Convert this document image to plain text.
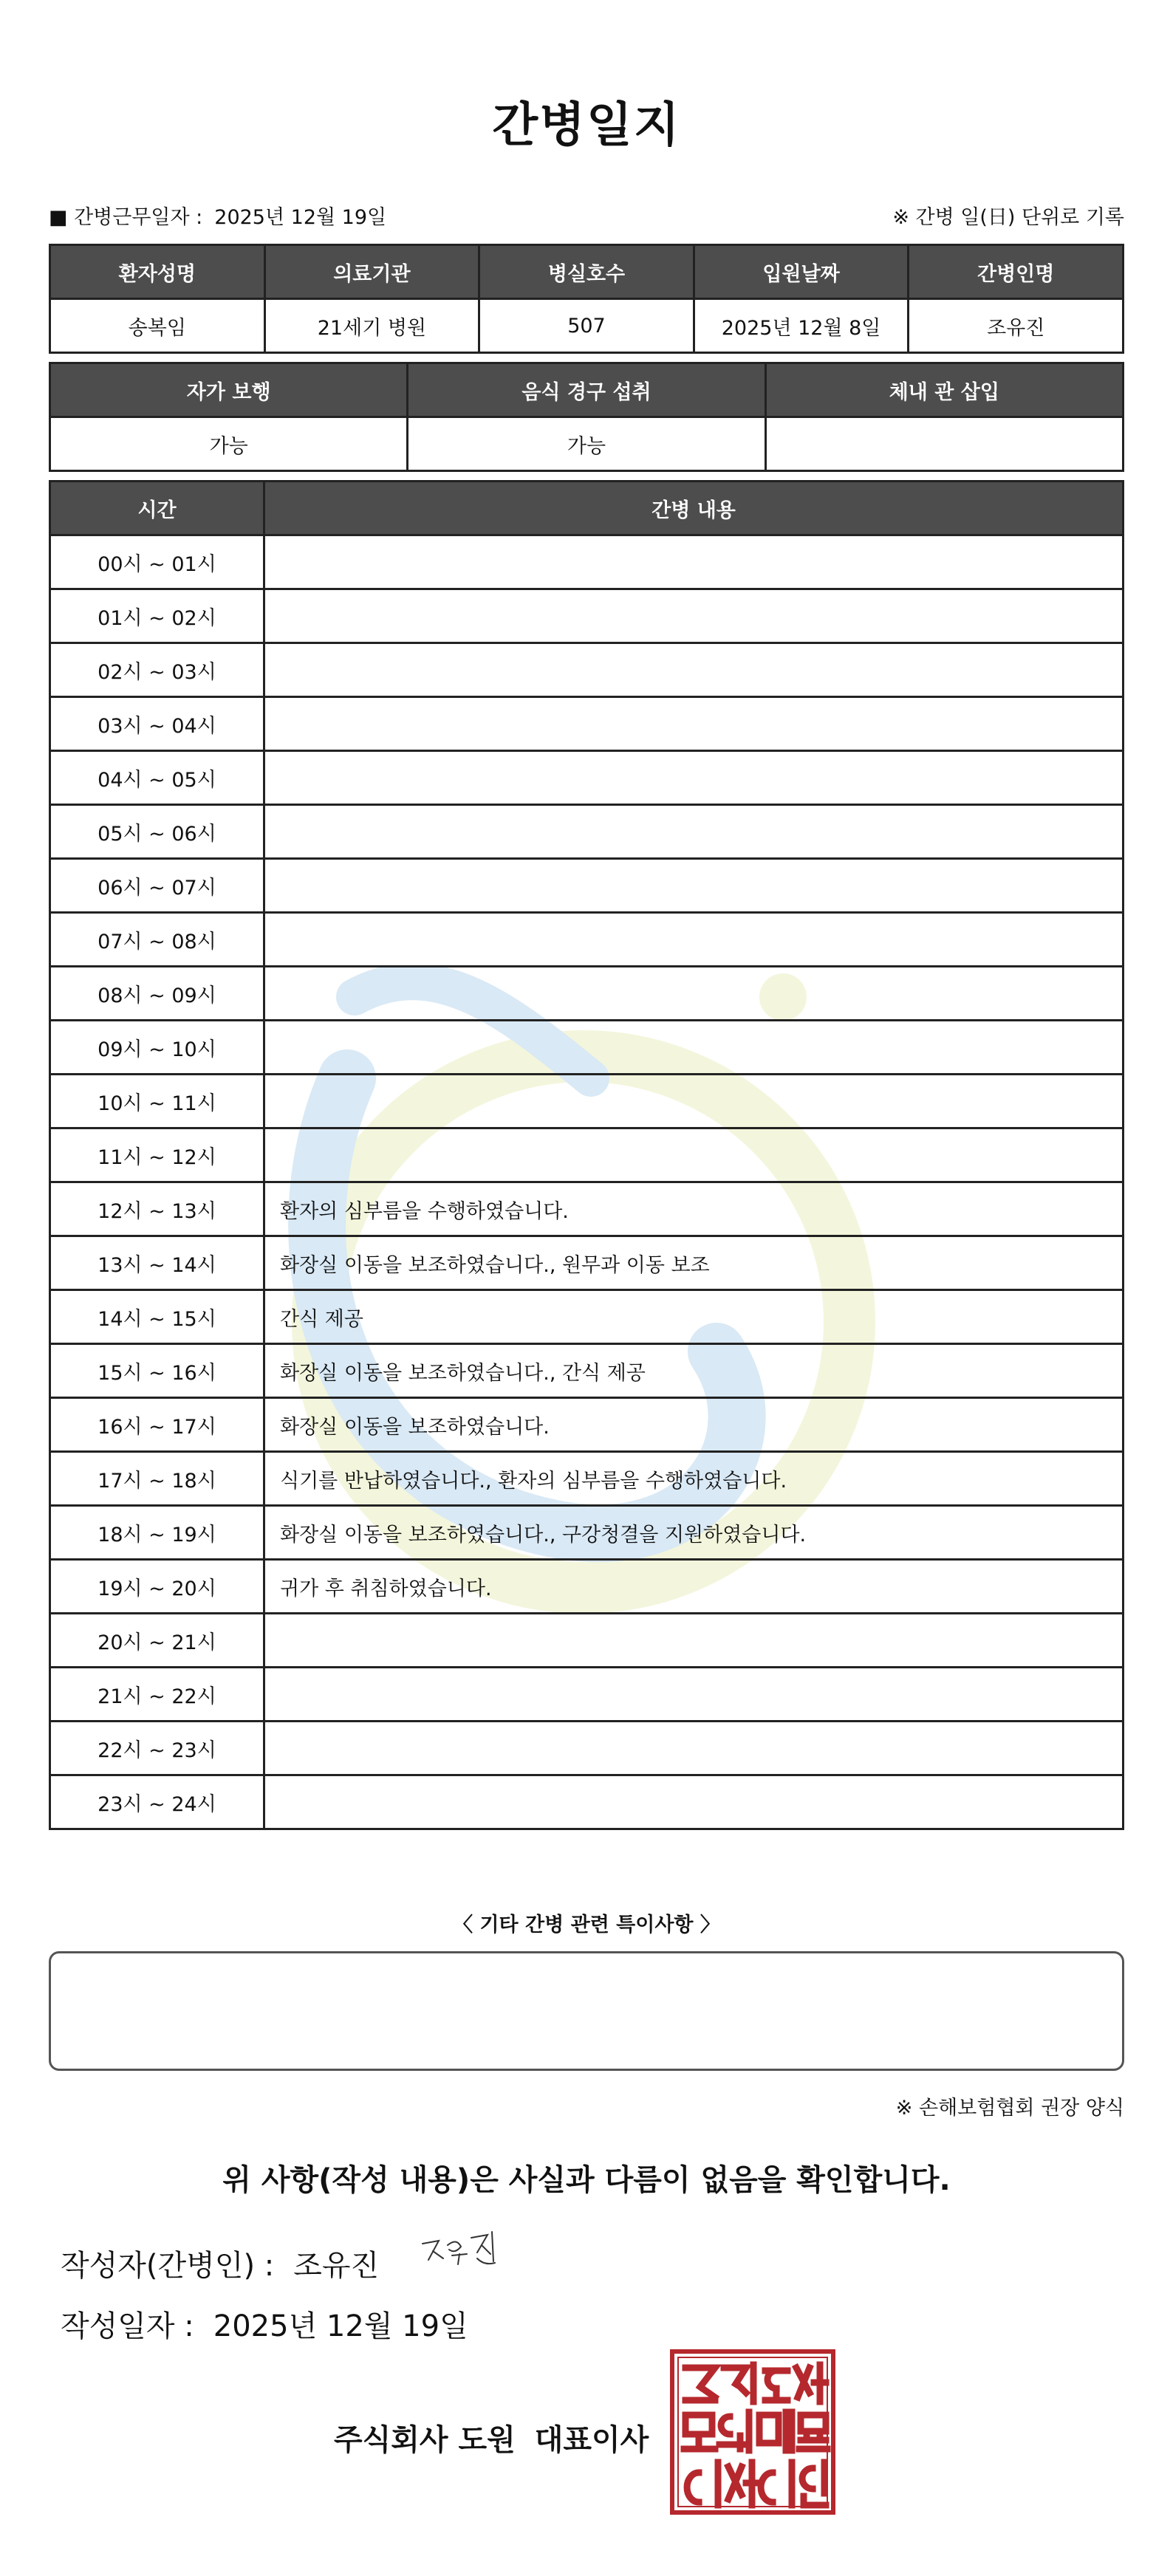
간병일지
■ 간병근무일자 : 2025년 12월 19일	※ 간병 일(日) 단위로 기록
환자성명	의료기관	병실호수	입원날짜	간병인명
송복임	21세기 병원	507	2025년 12월 8일	조유진
자가 보행	음식 경구 섭취	체내 관 삽입
가능	가능	
시간	간병 내용
00시 ~ 01시	
01시 ~ 02시	
02시 ~ 03시	
03시 ~ 04시	
04시 ~ 05시	
05시 ~ 06시	
06시 ~ 07시	
07시 ~ 08시	
08시 ~ 09시	
09시 ~ 10시	
10시 ~ 11시	
11시 ~ 12시	
12시 ~ 13시	환자의 심부름을 수행하였습니다.
13시 ~ 14시	화장실 이동을 보조하였습니다., 원무과 이동 보조
14시 ~ 15시	간식 제공
15시 ~ 16시	화장실 이동을 보조하였습니다., 간식 제공
16시 ~ 17시	화장실 이동을 보조하였습니다.
17시 ~ 18시	식기를 반납하였습니다., 환자의 심부름을 수행하였습니다.
18시 ~ 19시	화장실 이동을 보조하였습니다., 구강청결을 지원하였습니다.
19시 ~ 20시	귀가 후 취침하였습니다.
20시 ~ 21시	
21시 ~ 22시	
22시 ~ 23시	
23시 ~ 24시	
〈 기타 간병 관련 특이사항 〉
※ 손해보험협회 권장 양식
위 사항(작성 내용)은 사실과 다름이 없음을 확인합니다.
작성자(간병인) : 조유진
작성일자 : 2025년 12월 19일
주식회사 도원 대표이사
